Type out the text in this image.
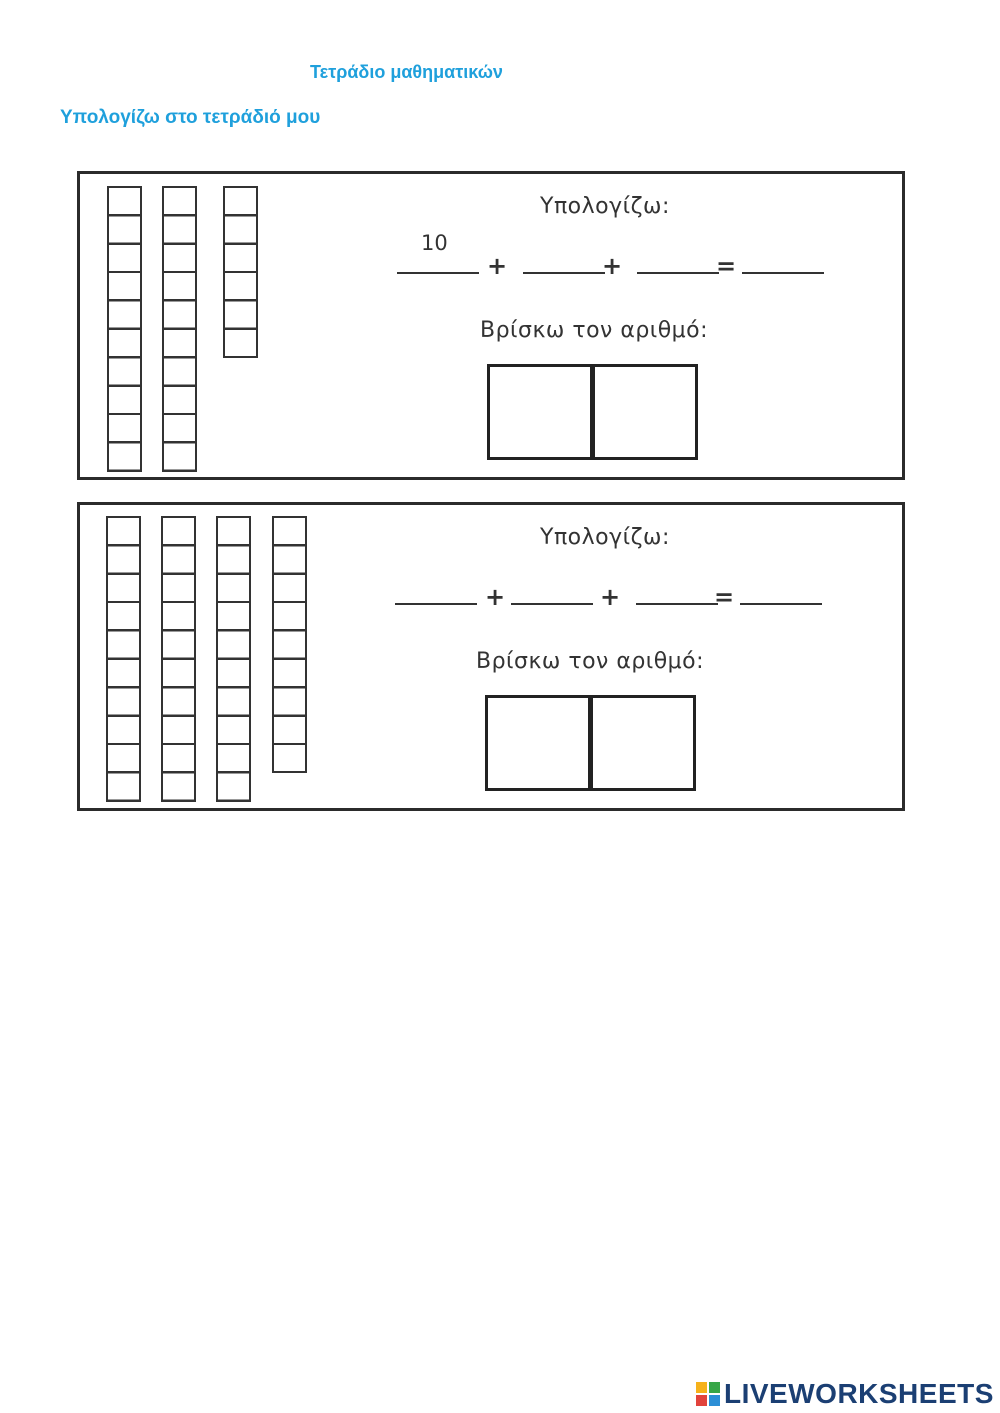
Τετράδιο μαθηματικών
Υπολογίζω στο τετράδιό μου
Υπολογίζω:
10
+	+	=
Βρίσκω τον αριθμό:
Υπολογίζω:
+	+	=
Βρίσκω τον αριθμό:
LIVEWORKSHEETS
